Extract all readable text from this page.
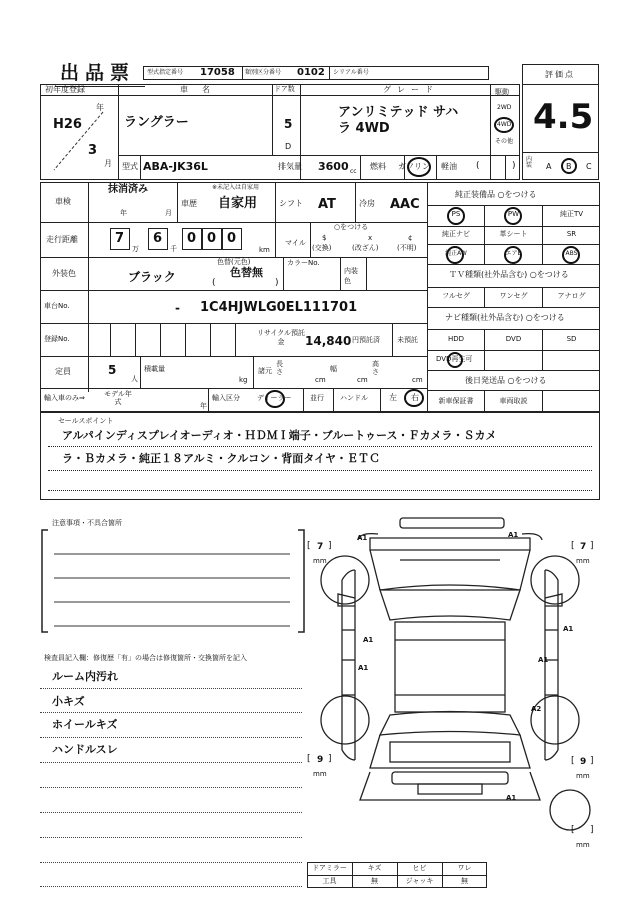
出品票 型式指定番号 17058 類別区分番号 0102 シリアル番号	評価点
4.5
初年度登録
年
H26
3
月
車名
ラングラー
ドア数
5
D
グレード
アンリミテッド サハ
ラ 4WD
駆動
2WD
4WD
その他
型式 ABA-JK36L	排気量 3600 cc
燃料 ガソリン 軽油 (	)
内装 A B C
車検
抹消済み
年	月
※未記入は自家用
車歴 自家用	シフト AT	冷房 AAC
走行距離	7
万
6
千
0 0 0
km
マイル
○をつける
$
(交換)
x
(改ざん)
¢
(不明)
外装色	ブラック
色替(元色)
色替無
(	)
カラーNo.
内装色
車台No.	- 1C4HJWLG0EL111701
登録No.
リサイクル預託金	14,840 円預託済 未預託
定員	5
人
積載量
kg
諸元
長さ
cm
幅
cm
高さ
cm
輸入車のみ⇒	モデル年式	年
輸入区分 ディーラー	並行 ハンドル	左 右
純正装備品 ○をつける
PS	PW	純正TV
純正ナビ	革シート	SR
純正AW	エアB	ABS
ＴＶ種類(社外品含む) ○をつける
フルセグ	ワンセグ	アナログ
ナビ種類(社外品含む) ○をつける
HDD	DVD	SD
DVD再生可
後日発送品 ○をつける
新車保証書	車両取説
セールスポイント
アルパインディスプレイオーディオ・ＨＤＭＩ端子・ブルートゥース・Ｆカメラ・Ｓカメ
ラ・Ｂカメラ・純正１８アルミ・クルコン・背面タイヤ・ＥＴＣ
注意事項・不具合箇所
検査員記入欄：修復歴「有」の場合は修復箇所・交換箇所を記入
ルーム内汚れ
小キズ
ホイールキズ
ハンドルスレ
[ 7 ]
mm
[ 7 ]
mm
[ 9 ]
mm
[ 9 ]
mm
[ ]
mm
A1	A1
A1
A1
A1
A1
A2
A1
ドアミラー	キズ	ヒビ	ワレ
工具	無	ジャッキ	無
